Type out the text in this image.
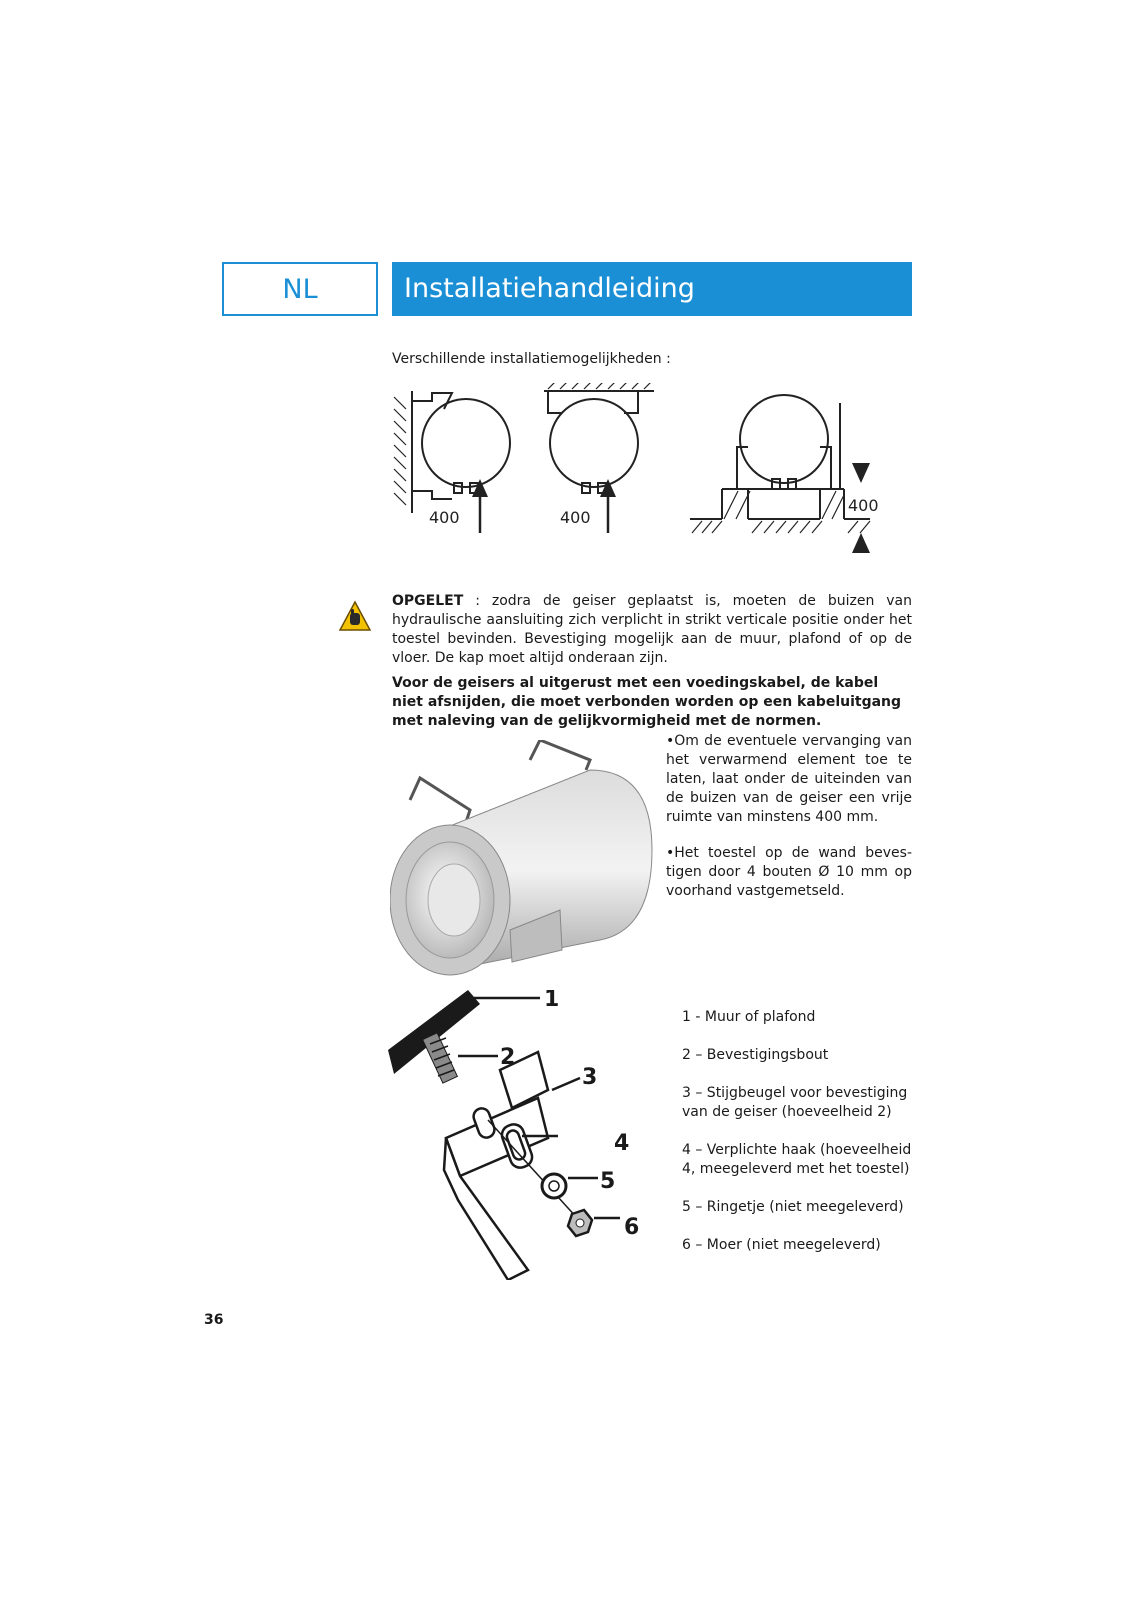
NL	Installatiehandleiding
Verschillende installatiemogelijkheden :
400	400
400
OPGELET : zodra de geiser geplaatst is, moeten de buizen van hydraulische aansluiting zich verplicht in strikt verticale positie onder het toestel bevinden. Bevestiging mogelijk aan de muur, plafond of op de vloer. De kap moet altijd onderaan zijn.
Voor de geisers al uitgerust met een voedingskabel, de kabel niet afsnijden, die moet verbonden worden op een kabeluitgang met naleving van de gelijkvormigheid met de normen.
•Om de eventuele vervanging van het verwarmend element toe te laten, laat onder de uiteinden van de buizen van de geiser een vrije ruimte van minstens 400 mm.
•Het toestel op de wand beves-tigen door 4 bouten Ø 10 mm op voorhand vastgemetseld.
1
2
3
4
5
6
1 - Muur of plafond
2 – Bevestigingsbout
3 – Stijgbeugel voor bevestiging van de geiser (hoeveelheid 2)
4 – Verplichte haak (hoeveelheid 4, meegeleverd met het toestel)
5 – Ringetje (niet meegeleverd)
6 – Moer (niet meegeleverd)
36
